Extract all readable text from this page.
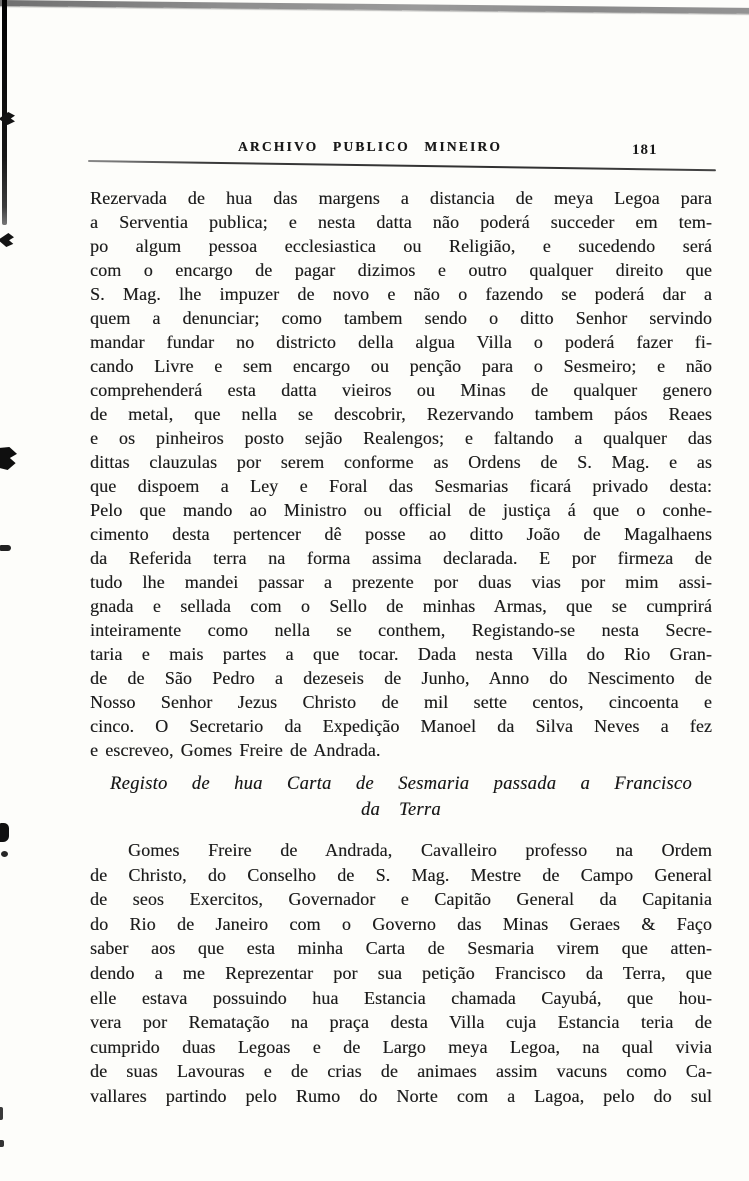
ARCHIVO PUBLICO MINEIRO	181
Rezervada de hua das margens a distancia de meya Legoa para
a Serventia publica; e nesta datta não poderá succeder em tem-
po algum pessoa ecclesiastica ou Religião, e sucedendo será
com o encargo de pagar dizimos e outro qualquer direito que
S. Mag. lhe impuzer de novo e não o fazendo se poderá dar a
quem a denunciar; como tambem sendo o ditto Senhor servindo
mandar fundar no districto della algua Villa o poderá fazer fi-
cando Livre e sem encargo ou penção para o Sesmeiro; e não
comprehenderá esta datta vieiros ou Minas de qualquer genero
de metal, que nella se descobrir, Rezervando tambem páos Reaes
e os pinheiros posto sejão Realengos; e faltando a qualquer das
dittas clauzulas por serem conforme as Ordens de S. Mag. e as
que dispoem a Ley e Foral das Sesmarias ficará privado desta:
Pelo que mando ao Ministro ou official de justiça á que o conhe-
cimento desta pertencer dê posse ao ditto João de Magalhaens
da Referida terra na forma assima declarada. E por firmeza de
tudo lhe mandei passar a prezente por duas vias por mim assi-
gnada e sellada com o Sello de minhas Armas, que se cumprirá
inteiramente como nella se conthem, Registando-se nesta Secre-
taria e mais partes a que tocar. Dada nesta Villa do Rio Gran-
de de São Pedro a dezeseis de Junho, Anno do Nescimento de
Nosso Senhor Jezus Christo de mil sette centos, cincoenta e
cinco. O Secretario da Expedição Manoel da Silva Neves a fez
e escreveo, Gomes Freire de Andrada.
Registo de hua Carta de Sesmaria passada a Francisco
da Terra
Gomes Freire de Andrada, Cavalleiro professo na Ordem
de Christo, do Conselho de S. Mag. Mestre de Campo General
de seos Exercitos, Governador e Capitão General da Capitania
do Rio de Janeiro com o Governo das Minas Geraes & Faço
saber aos que esta minha Carta de Sesmaria virem que atten-
dendo a me Reprezentar por sua petição Francisco da Terra, que
elle estava possuindo hua Estancia chamada Cayubá, que hou-
vera por Rematação na praça desta Villa cuja Estancia teria de
cumprido duas Legoas e de Largo meya Legoa, na qual vivia
de suas Lavouras e de crias de animaes assim vacuns como Ca-
vallares partindo pelo Rumo do Norte com a Lagoa, pelo do sul
